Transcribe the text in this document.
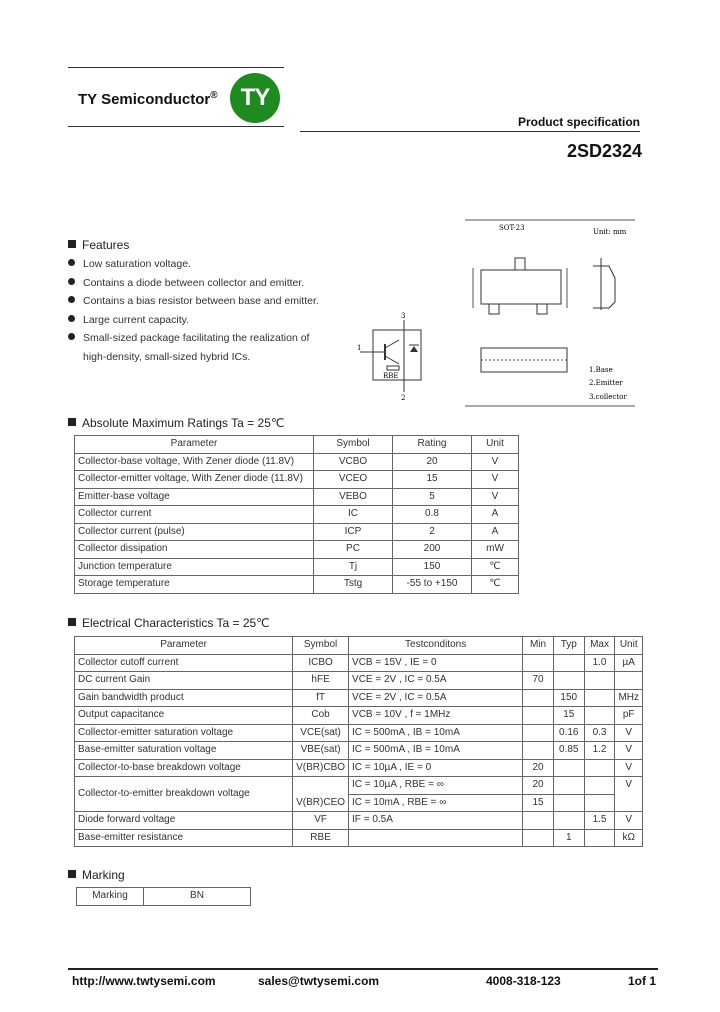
TY Semiconductor® TY
Product specification
2SD2324
Features
Low saturation voltage.
Contains a diode between collector and emitter.
Contains a bias resistor between base and emitter.
Large current capacity.
Small-sized package facilitating the realization of
high-density, small-sized hybrid ICs.
3
1
2
RBE
SOT-23	Unit: mm
1.Base
2.Emitter
3.collector
Absolute Maximum Ratings Ta = 25℃
Parameter	Symbol	Rating	Unit
Collector-base voltage, With Zener diode (11.8V)	VCBO	20	V
Collector-emitter voltage, With Zener diode (11.8V)	VCEO	15	V
Emitter-base voltage	VEBO	5	V
Collector current	IC	0.8	A
Collector current (pulse)	ICP	2	A
Collector dissipation	PC	200	mW
Junction temperature	Tj	150	℃
Storage temperature	Tstg	-55 to +150	℃
Electrical Characteristics Ta = 25℃
Parameter	Symbol	Testconditons	Min	Typ	Max	Unit
Collector cutoff current	ICBO	VCB = 15V , IE = 0			1.0	µA
DC current Gain	hFE	VCE = 2V , IC = 0.5A	70			
Gain bandwidth product	fT	VCE = 2V , IC = 0.5A		150		MHz
Output capacitance	Cob	VCB = 10V , f = 1MHz		15		pF
Collector-emitter saturation voltage	VCE(sat)	IC = 500mA , IB = 10mA		0.16	0.3	V
Base-emitter saturation voltage	VBE(sat)	IC = 500mA , IB = 10mA		0.85	1.2	V
Collector-to-base breakdown voltage	V(BR)CBO	IC = 10µA , IE = 0	20			V
Collector-to-emitter breakdown voltage	V(BR)CEO	IC = 10µA , RBE = ∞	20			V
		IC = 10mA , RBE = ∞	15			
Diode forward voltage	VF	IF = 0.5A			1.5	V
Base-emitter resistance	RBE			1		kΩ
Marking
Marking	BN
http://www.twtysemi.com	sales@twtysemi.com	4008-318-123	1of 1
